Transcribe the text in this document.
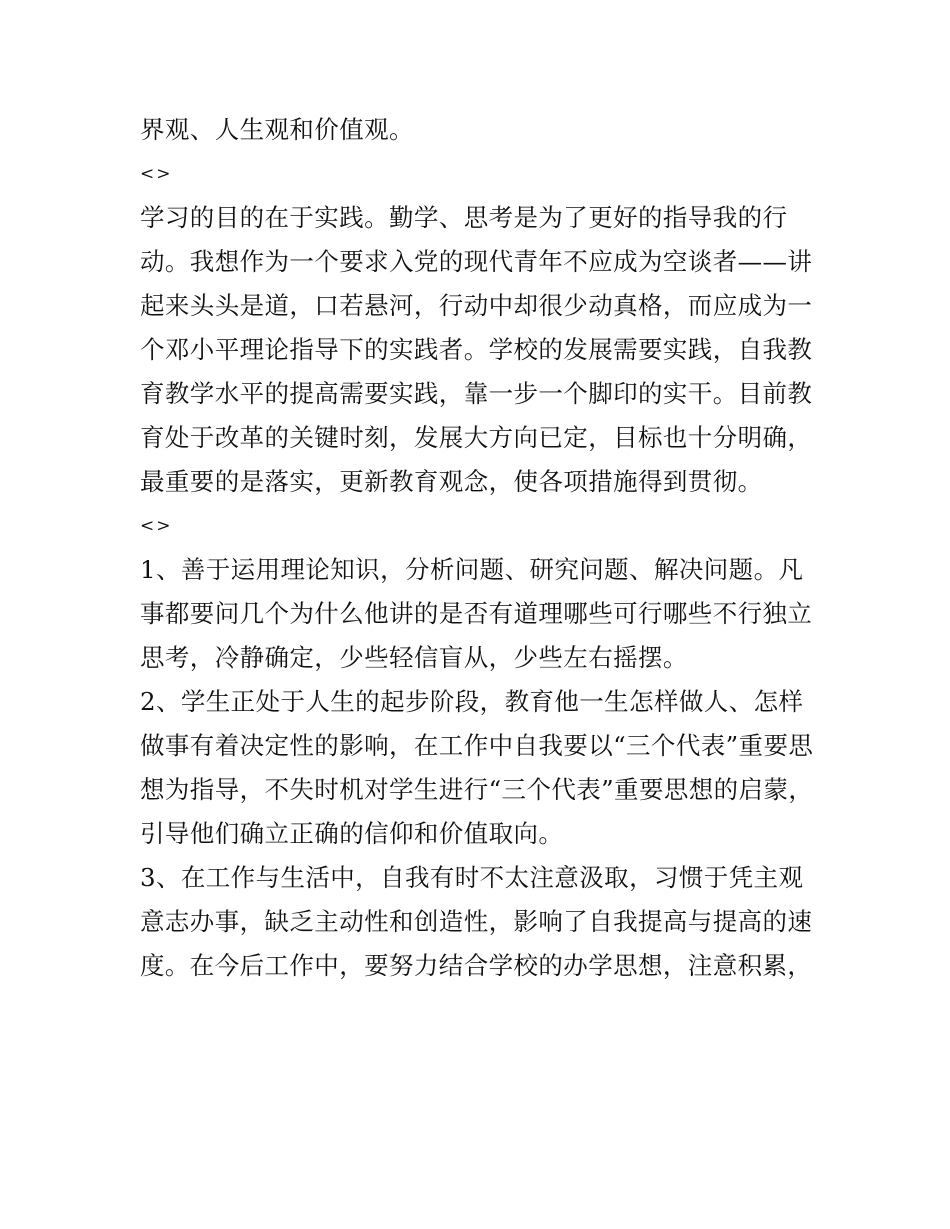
界观、人生观和价值观。
<>
学习的目的在于实践。勤学、思考是为了更好的指导我的行
动。我想作为一个要求入党的现代青年不应成为空谈者——讲
起来头头是道，口若悬河，行动中却很少动真格，而应成为一
个邓小平理论指导下的实践者。学校的发展需要实践，自我教
育教学水平的提高需要实践，靠一步一个脚印的实干。目前教
育处于改革的关键时刻，发展大方向已定，目标也十分明确，
最重要的是落实，更新教育观念，使各项措施得到贯彻。
<>
1、善于运用理论知识，分析问题、研究问题、解决问题。凡
事都要问几个为什么他讲的是否有道理哪些可行哪些不行独立
思考，冷静确定，少些轻信盲从，少些左右摇摆。
2、学生正处于人生的起步阶段，教育他一生怎样做人、怎样
做事有着决定性的影响，在工作中自我要以“三个代表”重要思
想为指导，不失时机对学生进行“三个代表”重要思想的启蒙，
引导他们确立正确的信仰和价值取向。
3、在工作与生活中，自我有时不太注意汲取，习惯于凭主观
意志办事，缺乏主动性和创造性，影响了自我提高与提高的速
度。在今后工作中，要努力结合学校的办学思想，注意积累，
